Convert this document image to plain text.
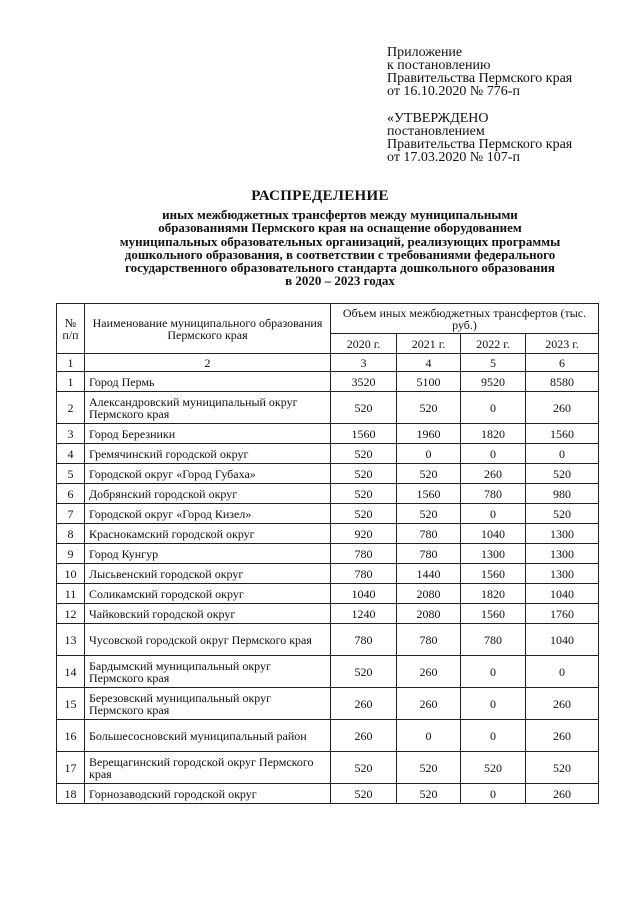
Приложение
к постановлению
Правительства Пермского края
от 16.10.2020 № 776-п
«УТВЕРЖДЕНО
постановлением
Правительства Пермского края
от 17.03.2020 № 107-п
РАСПРЕДЕЛЕНИЕ
иных межбюджетных трансфертов между муниципальными
образованиями Пермского края на оснащение оборудованием
муниципальных образовательных организаций, реализующих программы
дошкольного образования, в соответствии с требованиями федерального
государственного образовательного стандарта дошкольного образования
в 2020 – 2023 годах
№
п/п	Наименование муниципального образования Пермского края	Объем иных межбюджетных трансфертов (тыс. руб.)			
		2020 г.	2021 г.	2022 г.	2023 г.
1	2	3	4	5	6
1	Город Пермь	3520	5100	9520	8580
2	Александровский муниципальный округ Пермского края	520	520	0	260
3	Город Березники	1560	1960	1820	1560
4	Гремячинский городской округ	520	0	0	0
5	Городской округ «Город Губаха»	520	520	260	520
6	Добрянский городской округ	520	1560	780	980
7	Городской округ «Город Кизел»	520	520	0	520
8	Краснокамский городской округ	920	780	1040	1300
9	Город Кунгур	780	780	1300	1300
10	Лысьвенский городской округ	780	1440	1560	1300
11	Соликамский городской округ	1040	2080	1820	1040
12	Чайковский городской округ	1240	2080	1560	1760
13	Чусовской городской округ Пермского края	780	780	780	1040
14	Бардымский муниципальный округ Пермского края	520	260	0	0
15	Березовский муниципальный округ Пермского края	260	260	0	260
16	Большесосновский муниципальный район	260	0	0	260
17	Верещагинский городской округ Пермского края	520	520	520	520
18	Горнозаводский городской округ	520	520	0	260
